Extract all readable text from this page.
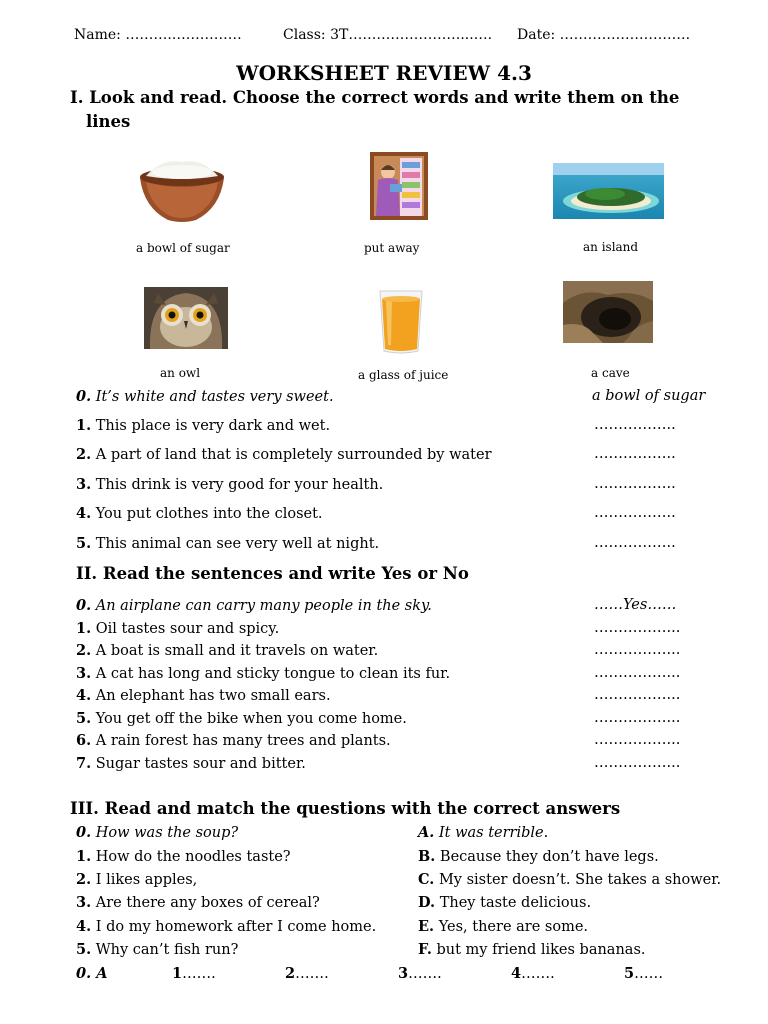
Name: ……….……………	Class: 3T……………………...…. Date: ……………………….
WORKSHEET REVIEW 4.3
I. Look and read. Choose the correct words and write them on the
lines
a bowl of sugar	put away	an island
an owl	a glass of juice	a cave
0. It’s white and tastes very sweet.	a bowl of sugar
1. This place is very dark and wet.	……………..
2. A part of land that is completely surrounded by water	……………..
3. This drink is very good for your health.	……………..
4. You put clothes into the closet.	……………..
5. This animal can see very well at night.	……………..
II. Read the sentences and write Yes or No
0. An airplane can carry many people in the sky.	……Yes……
1. Oil tastes sour and spicy.	……………...
2. A boat is small and it travels on water.	……………...
3. A cat has long and sticky tongue to clean its fur.	……………...
4. An elephant has two small ears.	……………...
5. You get off the bike when you come home.	……………...
6. A rain forest has many trees and plants.	……………...
7. Sugar tastes sour and bitter.	……………...
III. Read and match the questions with the correct answers
0. How was the soup?	A. It was terrible.
1. How do the noodles taste?	B. Because they don’t have legs.
2. I likes apples,	C. My sister doesn’t. She takes a shower.
3. Are there any boxes of cereal?	D. They taste delicious.
4. I do my homework after I come home.	E. Yes, there are some.
5. Why can’t fish run?	F. but my friend likes bananas.
0. A	1…….	2…….	3…….	4…….	5……
